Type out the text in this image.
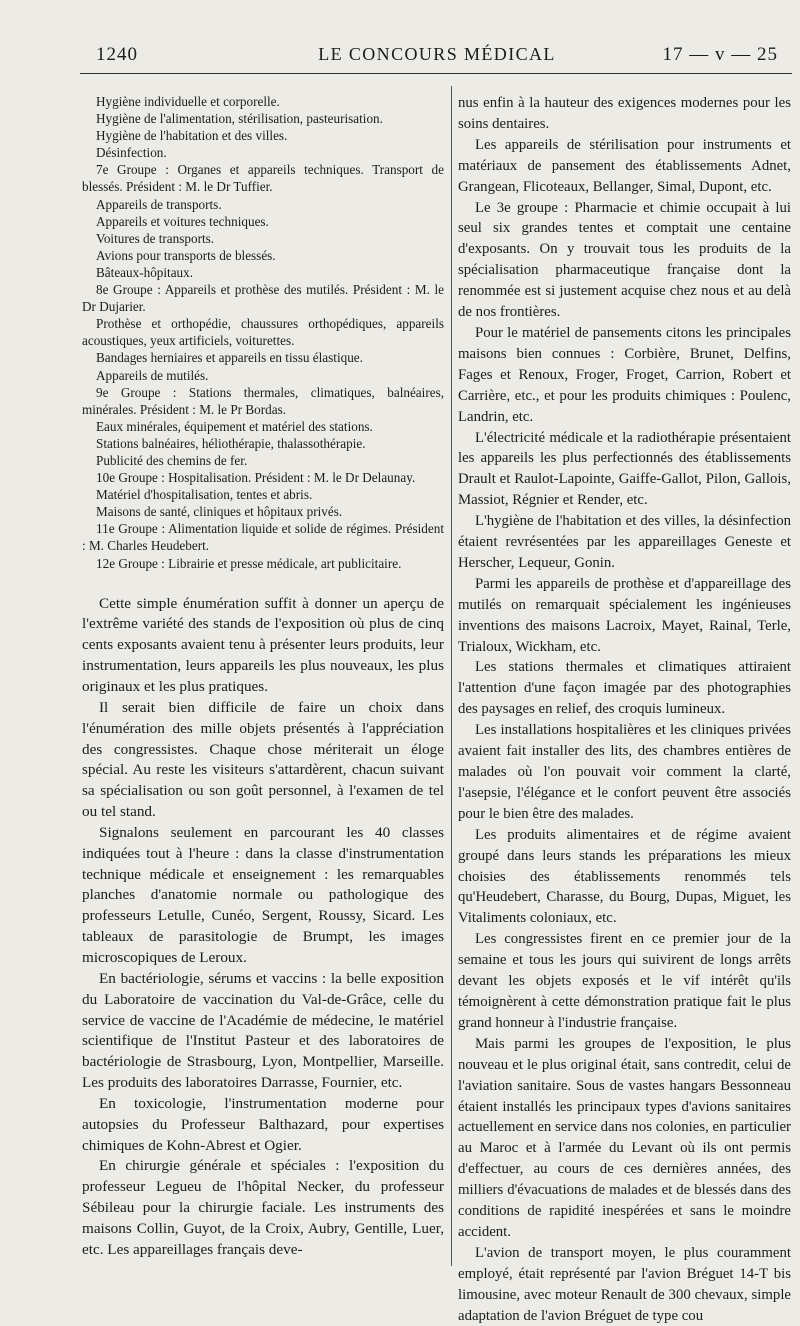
1240	LE CONCOURS MÉDICAL	17 — v — 25

Hygiène individuelle et corporelle.

Hygiène de l'alimentation, stérilisation, pasteurisation.

Hygiène de l'habitation et des villes.

Désinfection.

7e Groupe : Organes et appareils techniques. Transport de blessés. Président : M. le Dr Tuffier.

Appareils de transports.

Appareils et voitures techniques.

Voitures de transports.

Avions pour transports de blessés.

Bâteaux-hôpitaux.

8e Groupe : Appareils et prothèse des mutilés. Président : M. le Dr Dujarier.

Prothèse et orthopédie, chaussures orthopédiques, appareils acoustiques, yeux artificiels, voiturettes.

Bandages herniaires et appareils en tissu élastique.

Appareils de mutilés.

9e Groupe : Stations thermales, climatiques, balnéaires, minérales. Président : M. le Pr Bordas.

Eaux minérales, équipement et matériel des stations.

Stations balnéaires, héliothérapie, thalassothérapie.

Publicité des chemins de fer.

10e Groupe : Hospitalisation. Président : M. le Dr Delaunay.

Matériel d'hospitalisation, tentes et abris.

Maisons de santé, cliniques et hôpitaux privés.

11e Groupe : Alimentation liquide et solide de régimes. Président : M. Charles Heudebert.

12e Groupe : Librairie et presse médicale, art publicitaire.

Cette simple énumération suffit à donner un aperçu de l'extrême variété des stands de l'exposition où plus de cinq cents exposants avaient tenu à présenter leurs produits, leur instrumentation, leurs appareils les plus nouveaux, les plus originaux et les plus pratiques.

Il serait bien difficile de faire un choix dans l'énumération des mille objets présentés à l'appréciation des congressistes. Chaque chose mériterait un éloge spécial. Au reste les visiteurs s'attardèrent, chacun suivant sa spécialisation ou son goût personnel, à l'examen de tel ou tel stand.

Signalons seulement en parcourant les 40 classes indiquées tout à l'heure : dans la classe d'instrumentation technique médicale et enseignement : les remarquables planches d'anatomie normale ou pathologique des professeurs Letulle, Cunéo, Sergent, Roussy, Sicard. Les tableaux de parasitologie de Brumpt, les images microscopiques de Leroux.

En bactériologie, sérums et vaccins : la belle exposition du Laboratoire de vaccination du Val-de-Grâce, celle du service de vaccine de l'Académie de médecine, le matériel scientifique de l'Institut Pasteur et des laboratoires de bactériologie de Strasbourg, Lyon, Montpellier, Marseille. Les produits des laboratoires Darrasse, Fournier, etc.

En toxicologie, l'instrumentation moderne pour autopsies du Professeur Balthazard, pour expertises chimiques de Kohn-Abrest et Ogier.

En chirurgie générale et spéciales : l'exposition du professeur Legueu de l'hôpital Necker, du professeur Sébileau pour la chirurgie faciale. Les instruments des maisons Collin, Guyot, de la Croix, Aubry, Gentille, Luer, etc. Les appareillages français deve-

nus enfin à la hauteur des exigences modernes pour les soins dentaires.

Les appareils de stérilisation pour instruments et matériaux de pansement des établissements Adnet, Grangean, Flicoteaux, Bellanger, Simal, Dupont, etc.

Le 3e groupe : Pharmacie et chimie occupait à lui seul six grandes tentes et comptait une centaine d'exposants. On y trouvait tous les produits de la spécialisation pharmaceutique française dont la renommée est si justement acquise chez nous et au delà de nos frontières.

Pour le matériel de pansements citons les principales maisons bien connues : Corbière, Brunet, Delfins, Fages et Renoux, Froger, Froget, Carrion, Robert et Carrière, etc., et pour les produits chimiques : Poulenc, Landrin, etc.

L'électricité médicale et la radiothérapie présentaient les appareils les plus perfectionnés des établissements Drault et Raulot-Lapointe, Gaiffe-Gallot, Pilon, Gallois, Massiot, Régnier et Render, etc.

L'hygiène de l'habitation et des villes, la désinfection étaient revrésentées par les appareillages Geneste et Herscher, Lequeur, Gonin.

Parmi les appareils de prothèse et d'appareillage des mutilés on remarquait spécialement les ingénieuses inventions des maisons Lacroix, Mayet, Rainal, Terle, Trialoux, Wickham, etc.

Les stations thermales et climatiques attiraient l'attention d'une façon imagée par des photographies des paysages en relief, des croquis lumineux.

Les installations hospitalières et les cliniques privées avaient fait installer des lits, des chambres entières de malades où l'on pouvait voir comment la clarté, l'asepsie, l'élégance et le confort peuvent être associés pour le bien être des malades.

Les produits alimentaires et de régime avaient groupé dans leurs stands les préparations les mieux choisies des établissements renommés tels qu'Heudebert, Charasse, du Bourg, Dupas, Miguet, les Vitaliments coloniaux, etc.

Les congressistes firent en ce premier jour de la semaine et tous les jours qui suivirent de longs arrêts devant les objets exposés et le vif intérêt qu'ils témoignèrent à cette démonstration pratique fait le plus grand honneur à l'industrie française.

Mais parmi les groupes de l'exposition, le plus nouveau et le plus original était, sans contredit, celui de l'aviation sanitaire. Sous de vastes hangars Bessonneau étaient installés les principaux types d'avions sanitaires actuellement en service dans nos colonies, en particulier au Maroc et à l'armée du Levant où ils ont permis d'effectuer, au cours de ces dernières années, des milliers d'évacuations de malades et de blessés dans des conditions de rapidité inespérées et sans le moindre accident.

L'avion de transport moyen, le plus couramment employé, était représenté par l'avion Bréguet 14-T bis limousine, avec moteur Renault de 300 chevaux, simple adaptation de l'avion Bréguet de type cou
